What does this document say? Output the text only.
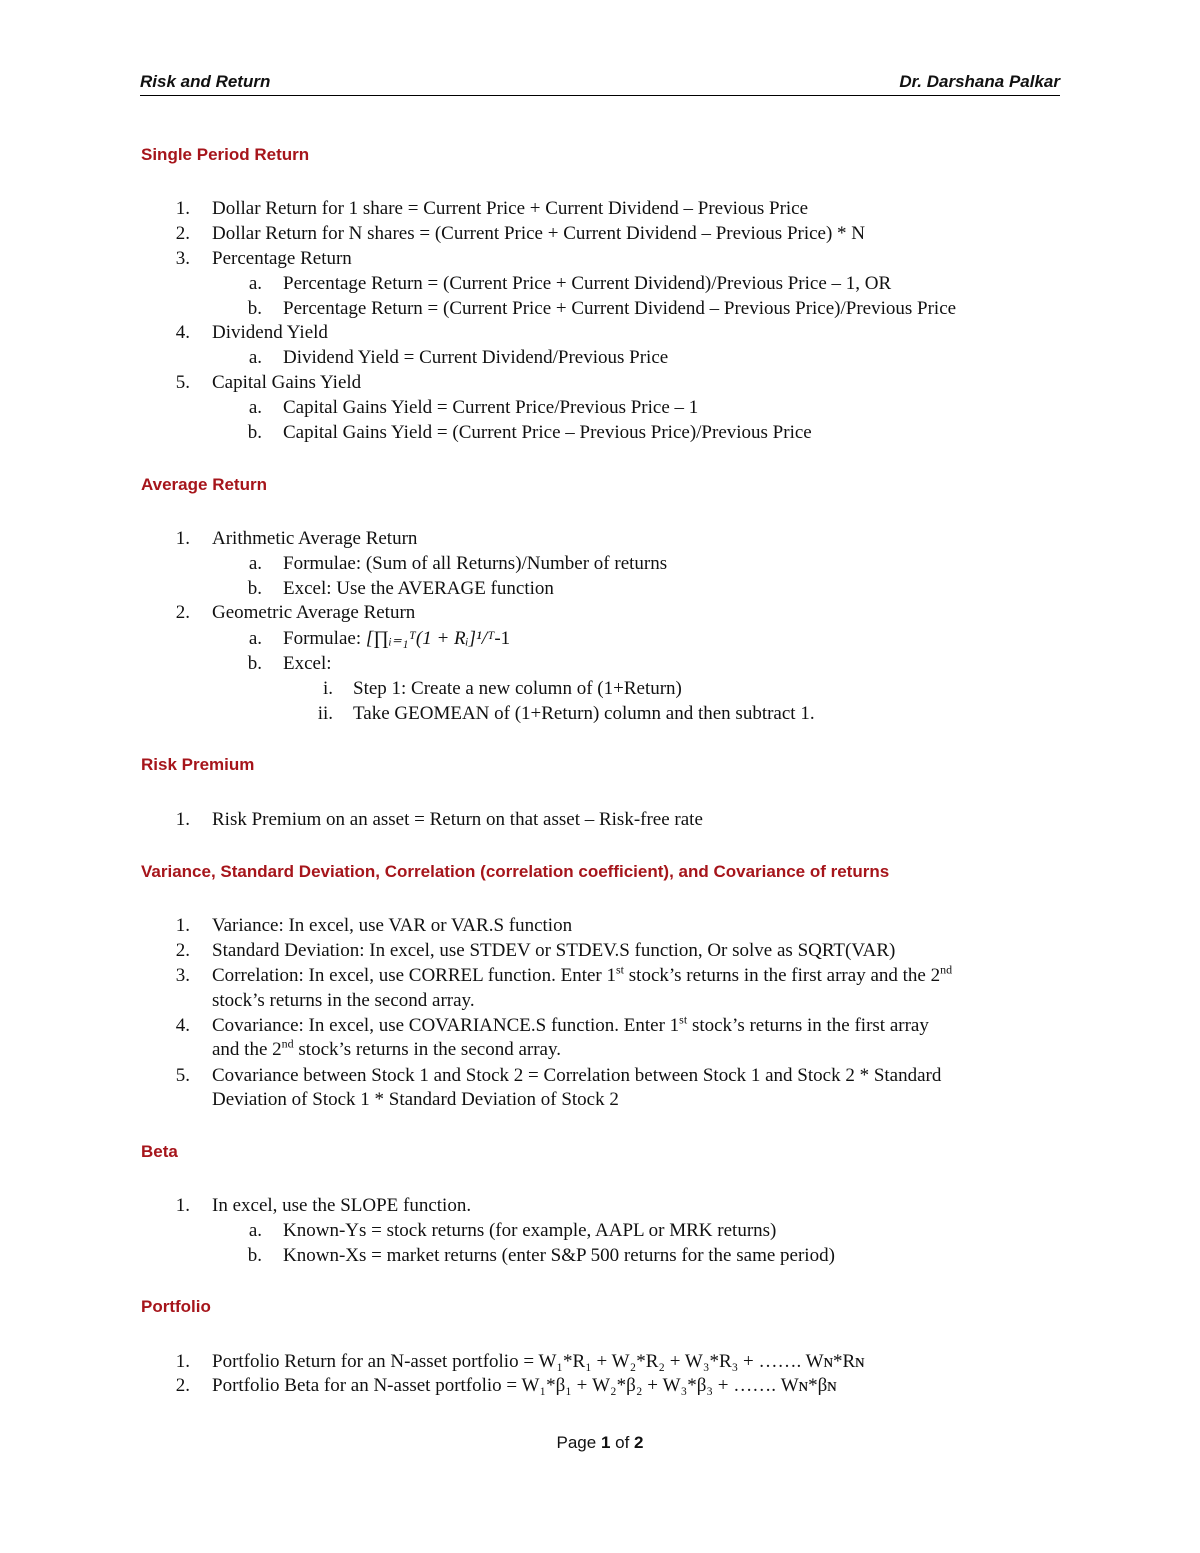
Risk and Return	Dr. Darshana Palkar
Single Period Return
1. Dollar Return for 1 share = Current Price + Current Dividend – Previous Price
2. Dollar Return for N shares = (Current Price + Current Dividend – Previous Price) * N
3. Percentage Return
a. Percentage Return = (Current Price + Current Dividend)/Previous Price – 1, OR
b. Percentage Return = (Current Price + Current Dividend – Previous Price)/Previous Price
4. Dividend Yield
a. Dividend Yield = Current Dividend/Previous Price
5. Capital Gains Yield
a. Capital Gains Yield = Current Price/Previous Price – 1
b. Capital Gains Yield = (Current Price – Previous Price)/Previous Price
Average Return
1. Arithmetic Average Return
a. Formulae: (Sum of all Returns)/Number of returns
b. Excel: Use the AVERAGE function
2. Geometric Average Return
a. Formulae: [∏ᵢ₌₁ᵀ(1 + Rᵢ]¹/ᵀ-1
b. Excel:
i. Step 1: Create a new column of (1+Return)
ii. Take GEOMEAN of (1+Return) column and then subtract 1.
Risk Premium
1. Risk Premium on an asset = Return on that asset – Risk-free rate
Variance, Standard Deviation, Correlation (correlation coefficient), and Covariance of returns
1. Variance: In excel, use VAR or VAR.S function
2. Standard Deviation: In excel, use STDEV or STDEV.S function, Or solve as SQRT(VAR)
3. Correlation: In excel, use CORREL function. Enter 1st stock’s returns in the first array and the 2nd
stock’s returns in the second array.
4. Covariance: In excel, use COVARIANCE.S function. Enter 1st stock’s returns in the first array
and the 2nd stock’s returns in the second array.
5. Covariance between Stock 1 and Stock 2 = Correlation between Stock 1 and Stock 2 * Standard
Deviation of Stock 1 * Standard Deviation of Stock 2
Beta
1. In excel, use the SLOPE function.
a. Known-Ys = stock returns (for example, AAPL or MRK returns)
b. Known-Xs = market returns (enter S&P 500 returns for the same period)
Portfolio
1. Portfolio Return for an N-asset portfolio = W₁*R₁ + W₂*R₂ + W₃*R₃ + ……. Wɴ*Rɴ
2. Portfolio Beta for an N-asset portfolio = W₁*β₁ + W₂*β₂ + W₃*β₃ + ……. Wɴ*βɴ
Page 1 of 2
